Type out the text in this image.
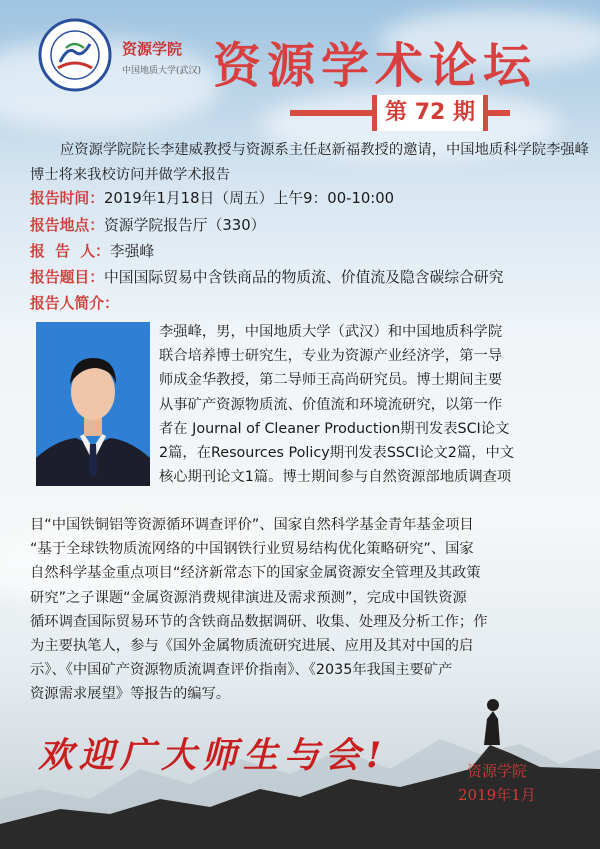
资源学院
中国地质大学(武汉) 资源学术论坛
第 72 期
应资源学院院长李建威教授与资源系主任赵新福教授的邀请，中国地质科学院李强峰博士将来我校访问并做学术报告
报告时间：2019年1月18日（周五）上午9：00-10:00
报告地点：资源学院报告厅（330）
报  告  人：李强峰
报告题目：中国国际贸易中含铁商品的物质流、价值流及隐含碳综合研究
报告人简介：
李强峰，男，中国地质大学（武汉）和中国地质科学院
联合培养博士研究生，专业为资源产业经济学，第一导
师成金华教授，第二导师王高尚研究员。博士期间主要
从事矿产资源物质流、价值流和环境流研究，以第一作
者在 Journal of Cleaner Production期刊发表SCI论文
2篇，在Resources Policy期刊发表SSCI论文2篇，中文
核心期刊论文1篇。博士期间参与自然资源部地质调查项
目“中国铁铜铝等资源循环调查评价”、国家自然科学基金青年基金项目
“基于全球铁物质流网络的中国钢铁行业贸易结构优化策略研究”、国家
自然科学基金重点项目“经济新常态下的国家金属资源安全管理及其政策
研究”之子课题“金属资源消费规律演进及需求预测”，完成中国铁资源
循环调查国际贸易环节的含铁商品数据调研、收集、处理及分析工作；作
为主要执笔人，参与《国外金属物质流研究进展、应用及其对中国的启
示》、《中国矿产资源物质流调查评价指南》、《2035年我国主要矿产
资源需求展望》等报告的编写。
欢迎广大师生与会!	资源学院
2019年1月
